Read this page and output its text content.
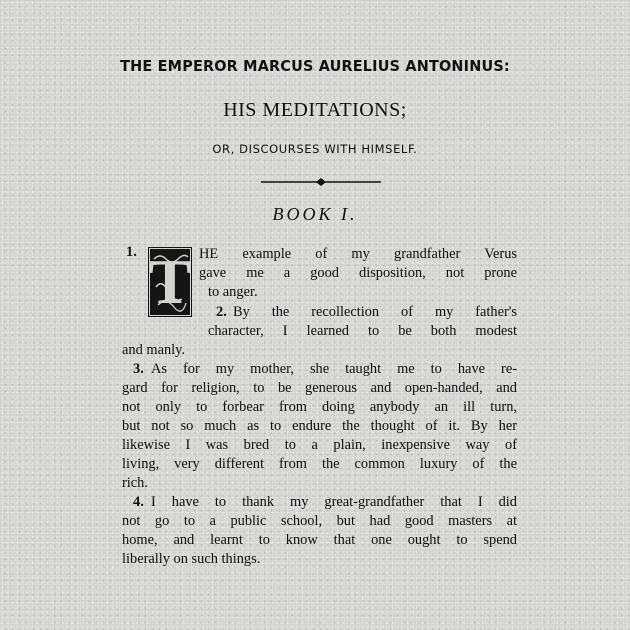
THE EMPEROR MARCUS AURELIUS ANTONINUS:
HIS MEDITATIONS;
OR, DISCOURSES WITH HIMSELF.
BOOK I.
1. T HE example of my grandfather Verus
gave me a good disposition, not prone
to anger.
2. By the recollection of my father's
character, I learned to be both modest
and manly.
3. As for my mother, she taught me to have re-
gard for religion, to be generous and open-handed, and
not only to forbear from doing anybody an ill turn,
but not so much as to endure the thought of it. By her
likewise I was bred to a plain, inexpensive way of
living, very different from the common luxury of the
rich.
4. I have to thank my great-grandfather that I did
not go to a public school, but had good masters at
home, and learnt to know that one ought to spend
liberally on such things.
